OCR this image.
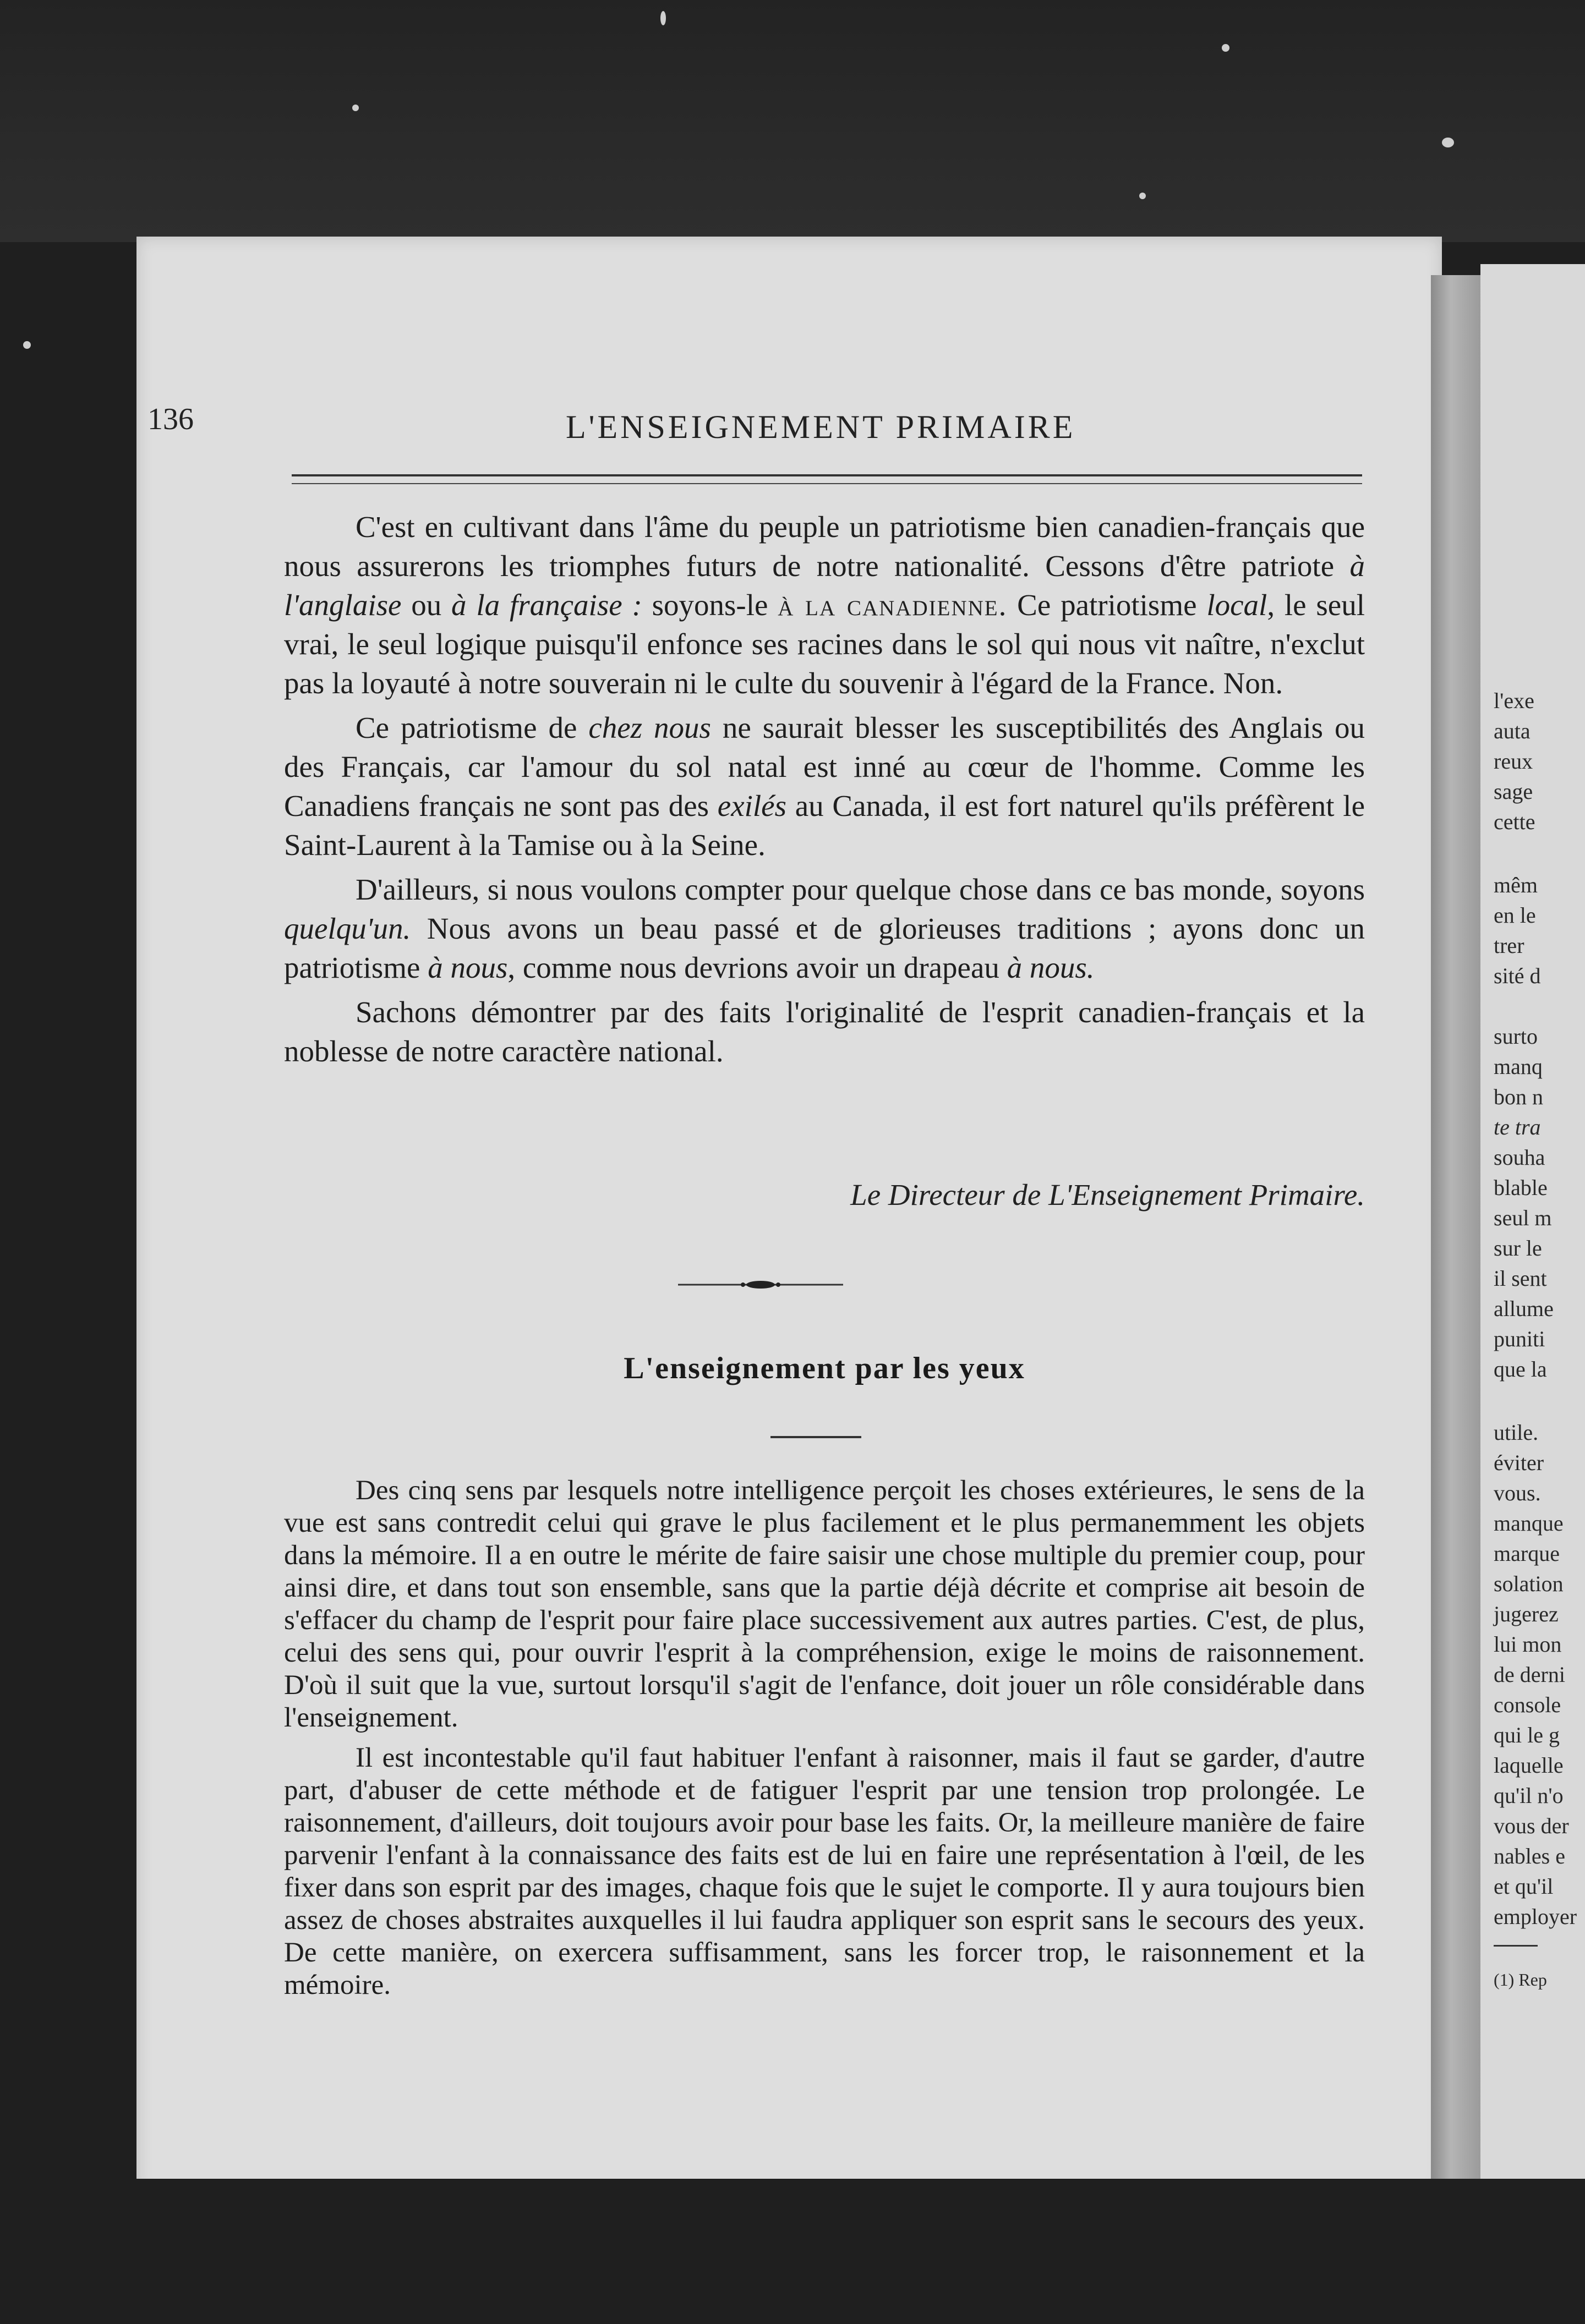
l'exe
auta
reux
sage
cette
mêm
en le
trer
sité d
surto
manq
bon n
te tra
souha
blable
seul m
sur le
il sent
allume
puniti
que la
utile.
éviter
vous.
manque
marque
solation
jugerez
lui mon
de derni
console
qui le g
laquelle
qu'il n'o
vous der
nables e
et qu'il
employer
(1) Rep
136	L'ENSEIGNEMENT PRIMAIRE

C'est en cultivant dans l'âme du peuple un patriotisme bien canadien-français que nous assurerons les triomphes futurs de notre nationalité. Cessons d'être patriote à l'anglaise ou à la française : soyons-le à la canadienne. Ce patriotisme local, le seul vrai, le seul logique puisqu'il enfonce ses racines dans le sol qui nous vit naître, n'exclut pas la loyauté à notre souverain ni le culte du souvenir à l'égard de la France. Non.

Ce patriotisme de chez nous ne saurait blesser les susceptibilités des Anglais ou des Français, car l'amour du sol natal est inné au cœur de l'homme. Comme les Canadiens français ne sont pas des exilés au Canada, il est fort naturel qu'ils préfèrent le Saint-Laurent à la Tamise ou à la Seine.

D'ailleurs, si nous voulons compter pour quelque chose dans ce bas monde, soyons quelqu'un. Nous avons un beau passé et de glorieuses traditions ; ayons donc un patriotisme à nous, comme nous devrions avoir un drapeau à nous.

Sachons démontrer par des faits l'originalité de l'esprit canadien-français et la noblesse de notre caractère national.

Le Directeur de L'Enseignement Primaire.
L'enseignement par les yeux

Des cinq sens par lesquels notre intelligence perçoit les choses extérieures, le sens de la vue est sans contredit celui qui grave le plus facilement et le plus permanemment les objets dans la mémoire. Il a en outre le mérite de faire saisir une chose multiple du premier coup, pour ainsi dire, et dans tout son ensemble, sans que la partie déjà décrite et comprise ait besoin de s'effacer du champ de l'esprit pour faire place successivement aux autres parties. C'est, de plus, celui des sens qui, pour ouvrir l'esprit à la compréhension, exige le moins de raisonnement. D'où il suit que la vue, surtout lorsqu'il s'agit de l'enfance, doit jouer un rôle considérable dans l'enseignement.

Il est incontestable qu'il faut habituer l'enfant à raisonner, mais il faut se garder, d'autre part, d'abuser de cette méthode et de fatiguer l'esprit par une tension trop prolongée. Le raisonnement, d'ailleurs, doit toujours avoir pour base les faits. Or, la meilleure manière de faire parvenir l'enfant à la connaissance des faits est de lui en faire une représentation à l'œil, de les fixer dans son esprit par des images, chaque fois que le sujet le comporte. Il y aura toujours bien assez de choses abstraites auxquelles il lui faudra appliquer son esprit sans le secours des yeux. De cette manière, on exercera suffisamment, sans les forcer trop, le raisonnement et la mémoire.
